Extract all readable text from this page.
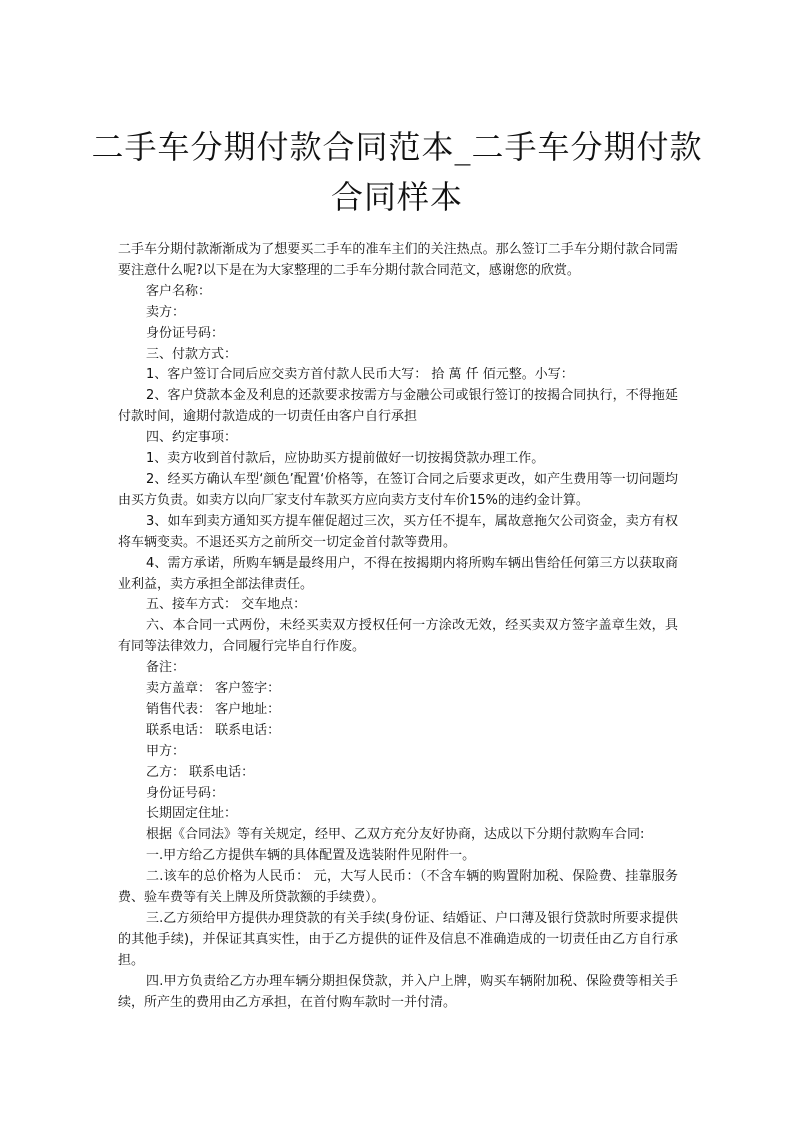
二手车分期付款合同范本_二手车分期付款
合同样本

二手车分期付款渐渐成为了想要买二手车的准车主们的关注热点。那么签订二手车分期付款合同需要注意什么呢?以下是在为大家整理的二手车分期付款合同范文，感谢您的欣赏。

客户名称：

卖方：

身份证号码：

三、付款方式：

1、客户签订合同后应交卖方首付款人民币大写： 拾 萬 仟 佰元整。小写：

2、客户贷款本金及利息的还款要求按需方与金融公司或银行签订的按揭合同执行，不得拖延付款时间，逾期付款造成的一切责任由客户自行承担

四、约定事项：

1、卖方收到首付款后，应协助买方提前做好一切按揭贷款办理工作。

2、经买方确认车型‘颜色’配置‘价格等，在签订合同之后要求更改，如产生费用等一切问题均由买方负责。如卖方以向厂家支付车款买方应向卖方支付车价15%的违约金计算。

3、如车到卖方通知买方提车催促超过三次，买方任不提车，属故意拖欠公司资金，卖方有权将车辆变卖。不退还买方之前所交一切定金首付款等费用。

4、需方承诺，所购车辆是最终用户，不得在按揭期内将所购车辆出售给任何第三方以获取商业利益，卖方承担全部法律责任。

五、接车方式： 交车地点：

六、本合同一式两份，未经买卖双方授权任何一方涂改无效，经买卖双方签字盖章生效，具有同等法律效力，合同履行完毕自行作废。

备注：

卖方盖章： 客户签字：

销售代表： 客户地址：

联系电话： 联系电话：

甲方：

乙方： 联系电话：

身份证号码：

长期固定住址：

根据《合同法》等有关规定，经甲、乙双方充分友好协商，达成以下分期付款购车合同:

一.甲方给乙方提供车辆的具体配置及选装附件见附件一。

二.该车的总价格为人民币： 元，大写人民币：（不含车辆的购置附加税、保险费、挂靠服务费、验车费等有关上牌及所贷款额的手续费）。

三.乙方须给甲方提供办理贷款的有关手续(身份证、结婚证、户口薄及银行贷款时所要求提供的其他手续)，并保证其真实性，由于乙方提供的证件及信息不准确造成的一切责任由乙方自行承担。

四.甲方负责给乙方办理车辆分期担保贷款，并入户上牌，购买车辆附加税、保险费等相关手续，所产生的费用由乙方承担，在首付购车款时一并付清。
